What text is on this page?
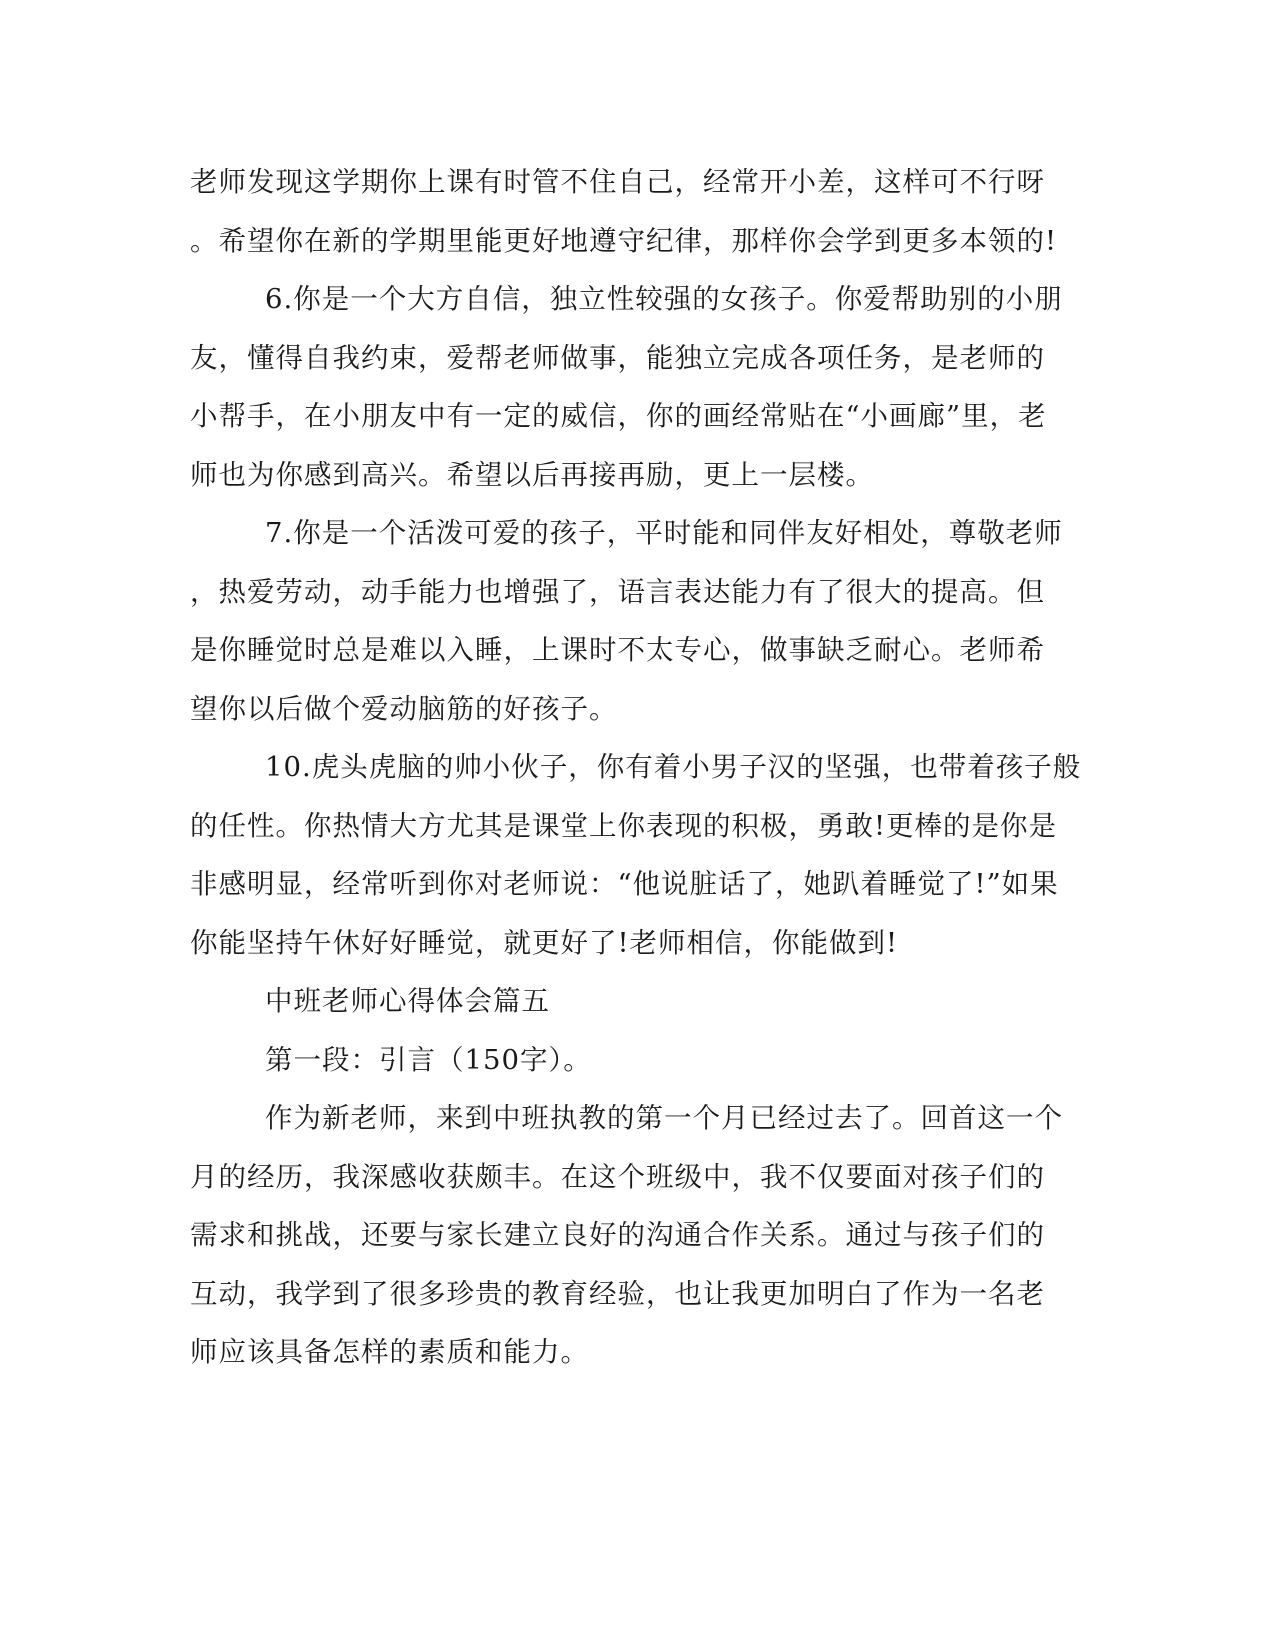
老师发现这学期你上课有时管不住自己，经常开小差，这样可不行呀
。希望你在新的学期里能更好地遵守纪律，那样你会学到更多本领的!
6.你是一个大方自信，独立性较强的女孩子。你爱帮助别的小朋
友，懂得自我约束，爱帮老师做事，能独立完成各项任务，是老师的
小帮手，在小朋友中有一定的威信，你的画经常贴在“小画廊”里，老
师也为你感到高兴。希望以后再接再励，更上一层楼。
7.你是一个活泼可爱的孩子，平时能和同伴友好相处，尊敬老师
，热爱劳动，动手能力也增强了，语言表达能力有了很大的提高。但
是你睡觉时总是难以入睡，上课时不太专心，做事缺乏耐心。老师希
望你以后做个爱动脑筋的好孩子。
10.虎头虎脑的帅小伙子，你有着小男子汉的坚强，也带着孩子般
的任性。你热情大方尤其是课堂上你表现的积极，勇敢!更棒的是你是
非感明显，经常听到你对老师说：“他说脏话了，她趴着睡觉了!”如果
你能坚持午休好好睡觉，就更好了!老师相信，你能做到!
中班老师心得体会篇五
第一段：引言（150字）。
作为新老师，来到中班执教的第一个月已经过去了。回首这一个
月的经历，我深感收获颇丰。在这个班级中，我不仅要面对孩子们的
需求和挑战，还要与家长建立良好的沟通合作关系。通过与孩子们的
互动，我学到了很多珍贵的教育经验，也让我更加明白了作为一名老
师应该具备怎样的素质和能力。
